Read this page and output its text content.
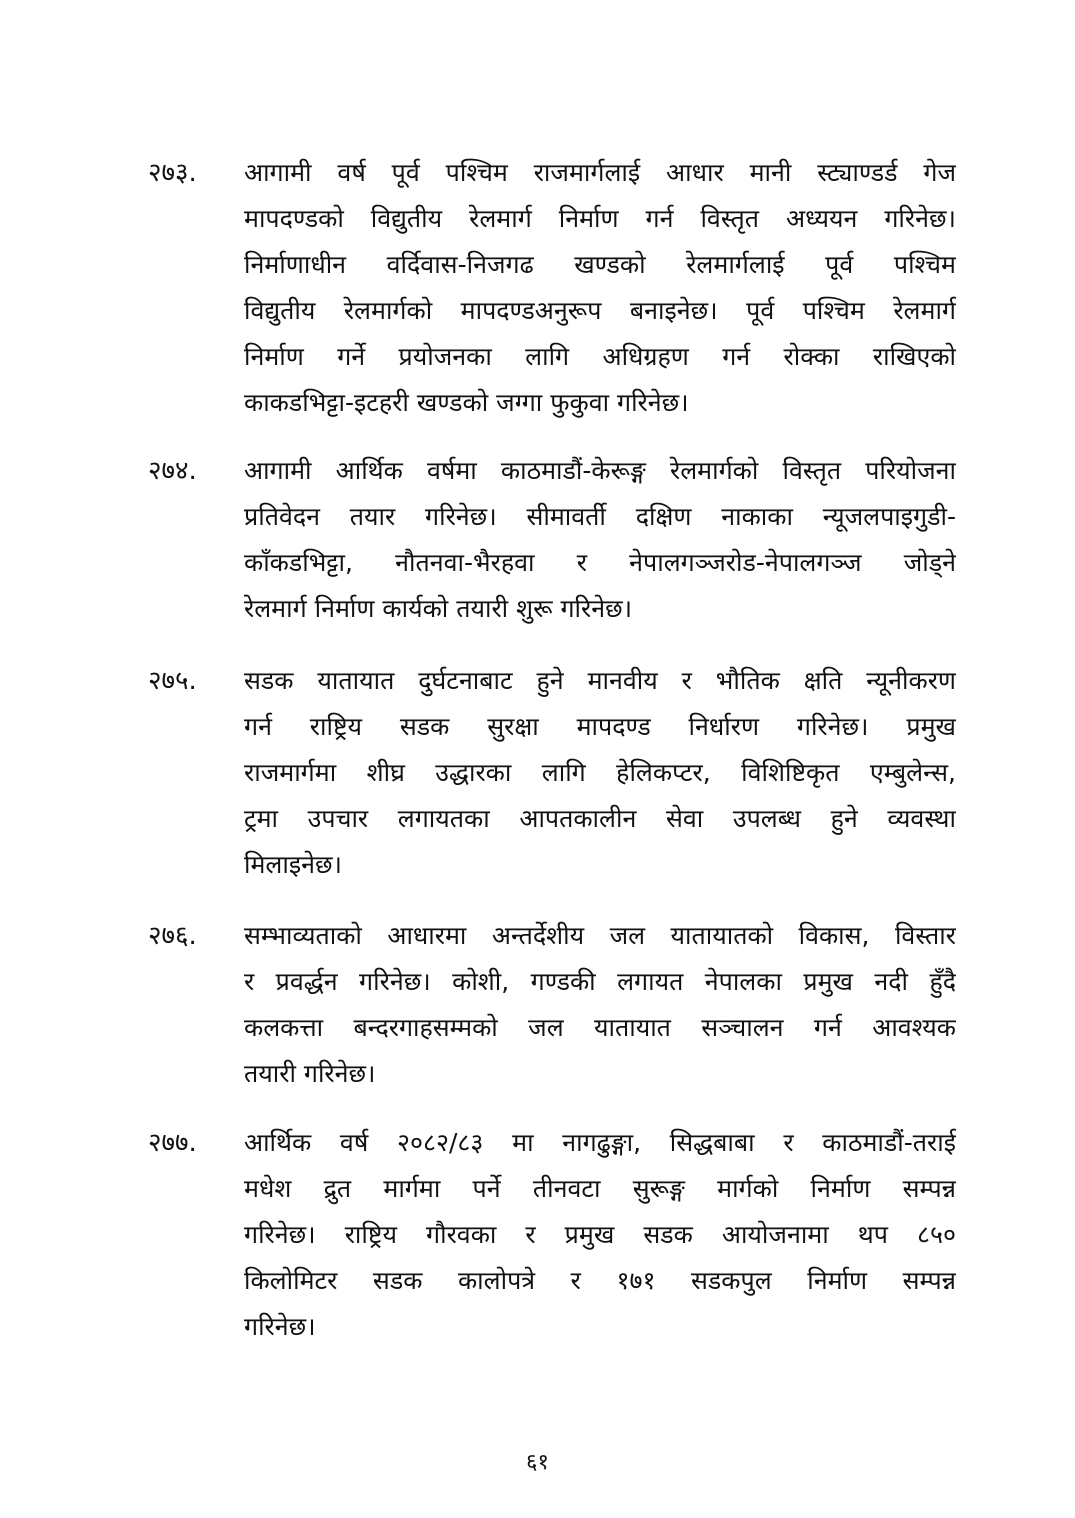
२७३.	आगामी वर्ष पूर्व पश्चिम राजमार्गलाई आधार मानी स्ट्याण्डर्ड गेज
मापदण्डको विद्युतीय रेलमार्ग निर्माण गर्न विस्तृत अध्ययन गरिनेछ।
निर्माणाधीन वर्दिवास-निजगढ खण्डको रेलमार्गलाई पूर्व पश्चिम
विद्युतीय रेलमार्गको मापदण्डअनुरूप बनाइनेछ। पूर्व पश्चिम रेलमार्ग
निर्माण गर्ने प्रयोजनका लागि अधिग्रहण गर्न रोक्का राखिएको
काकडभिट्टा-इटहरी खण्डको जग्गा फुकुवा गरिनेछ।
२७४.	आगामी आर्थिक वर्षमा काठमाडौं-केरूङ्ग रेलमार्गको विस्तृत परियोजना
प्रतिवेदन तयार गरिनेछ। सीमावर्ती दक्षिण नाकाका न्यूजलपाइगुडी-
काँकडभिट्टा, नौतनवा-भैरहवा र नेपालगञ्जरोड-नेपालगञ्ज जोड्ने
रेलमार्ग निर्माण कार्यको तयारी शुरू गरिनेछ।
२७५.	सडक यातायात दुर्घटनाबाट हुने मानवीय र भौतिक क्षति न्यूनीकरण
गर्न राष्ट्रिय सडक सुरक्षा मापदण्ड निर्धारण गरिनेछ। प्रमुख
राजमार्गमा शीघ्र उद्धारका लागि हेलिकप्टर, विशिष्टिकृत एम्बुलेन्स,
ट्रमा उपचार लगायतका आपतकालीन सेवा उपलब्ध हुने व्यवस्था
मिलाइनेछ।
२७६.	सम्भाव्यताको आधारमा अन्तर्देशीय जल यातायातको विकास, विस्तार
र प्रवर्द्धन गरिनेछ। कोशी, गण्डकी लगायत नेपालका प्रमुख नदी हुँदै
कलकत्ता बन्दरगाहसम्मको जल यातायात सञ्चालन गर्न आवश्यक
तयारी गरिनेछ।
२७७.	आर्थिक वर्ष २०८२/८३ मा नागढुङ्गा, सिद्धबाबा र काठमाडौं-तराई
मधेश द्रुत मार्गमा पर्ने तीनवटा सुरूङ्ग मार्गको निर्माण सम्पन्न
गरिनेछ। राष्ट्रिय गौरवका र प्रमुख सडक आयोजनामा थप ८५०
किलोमिटर सडक कालोपत्रे र १७१ सडकपुल निर्माण सम्पन्न
गरिनेछ।
६१
